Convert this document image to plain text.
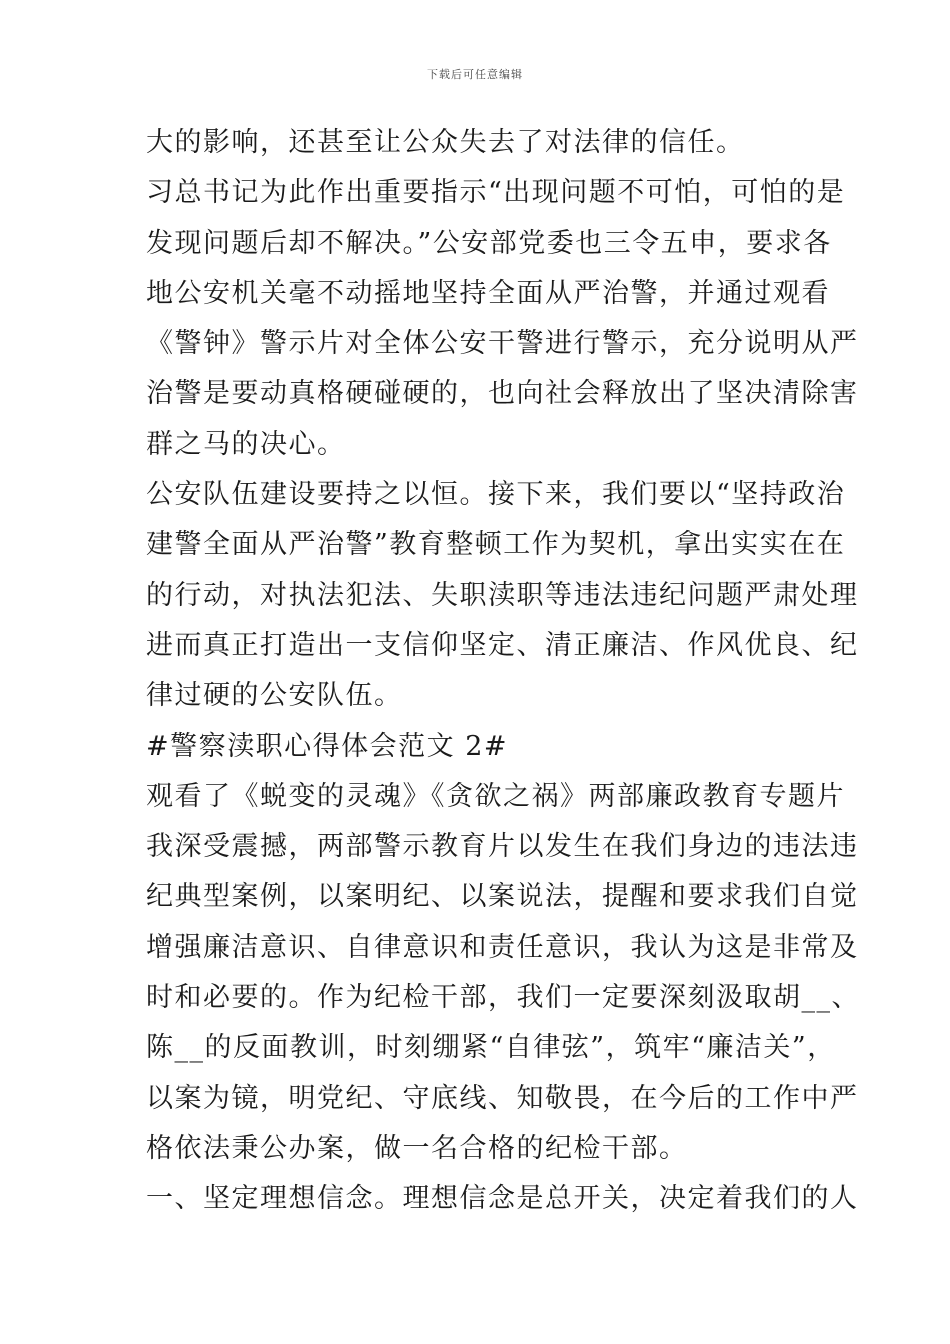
下载后可任意编辑
大的影响，还甚至让公众失去了对法律的信任。
习总书记为此作出重要指示“出现问题不可怕，可怕的是
发现问题后却不解决。”公安部党委也三令五申，要求各
地公安机关毫不动摇地坚持全面从严治警，并通过观看
《警钟》警示片对全体公安干警进行警示，充分说明从严
治警是要动真格硬碰硬的，也向社会释放出了坚决清除害
群之马的决心。
公安队伍建设要持之以恒。接下来，我们要以“坚持政治
建警全面从严治警”教育整顿工作为契机，拿出实实在在
的行动，对执法犯法、失职渎职等违法违纪问题严肃处理
进而真正打造出一支信仰坚定、清正廉洁、作风优良、纪
律过硬的公安队伍。
#警察渎职心得体会范文 2#
观看了《蜕变的灵魂》《贪欲之祸》两部廉政教育专题片
我深受震撼，两部警示教育片以发生在我们身边的违法违
纪典型案例，以案明纪、以案说法，提醒和要求我们自觉
增强廉洁意识、自律意识和责任意识，我认为这是非常及
时和必要的。作为纪检干部，我们一定要深刻汲取胡__、
陈__的反面教训，时刻绷紧“自律弦”，筑牢“廉洁关”，
以案为镜，明党纪、守底线、知敬畏，在今后的工作中严
格依法秉公办案，做一名合格的纪检干部。
一、坚定理想信念。理想信念是总开关，决定着我们的人
